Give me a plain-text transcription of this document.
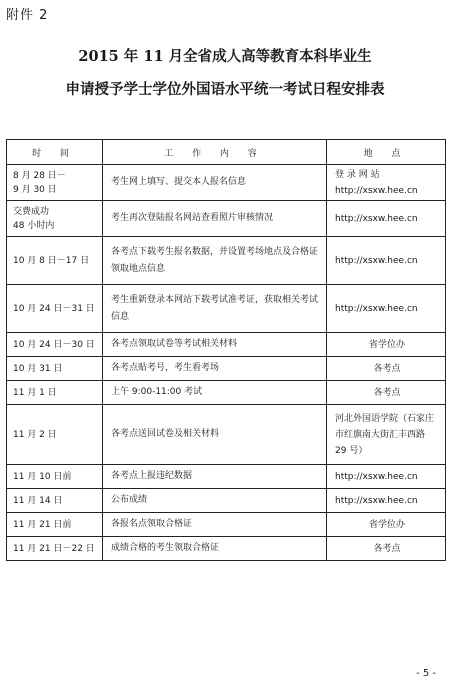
附件 2
2015 年 11 月全省成人高等教育本科毕业生
申请授予学士学位外国语水平统一考试日程安排表
时 间	工 作 内 容	地 点
8 月 28 日－
9 月 30 日	考生网上填写、提交本人报名信息	登 录 网 站
http://xsxw.hee.cn
交费成功
48 小时内	考生再次登陆报名网站查看照片审核情况	http://xsxw.hee.cn
10 月 8 日－17 日	各考点下载考生报名数据，并设置考场地点及合格证领取地点信息	http://xsxw.hee.cn
10 月 24 日－31 日	考生重新登录本网站下载考试准考证，获取相关考试信息	http://xsxw.hee.cn
10 月 24 日－30 日	各考点领取试卷等考试相关材料	省学位办
10 月 31 日	各考点贴考号，考生看考场	各考点
11 月 1 日	上午 9:00-11:00 考试	各考点
11 月 2 日	各考点送回试卷及相关材料	河北外国语学院（石家庄市红旗南大街汇丰西路 29 号）
11 月 10 日前	各考点上报违纪数据	http://xsxw.hee.cn
11 月 14 日	公布成绩	http://xsxw.hee.cn
11 月 21 日前	各报名点领取合格证	省学位办
11 月 21 日－22 日	成绩合格的考生领取合格证	各考点
- 5 -
